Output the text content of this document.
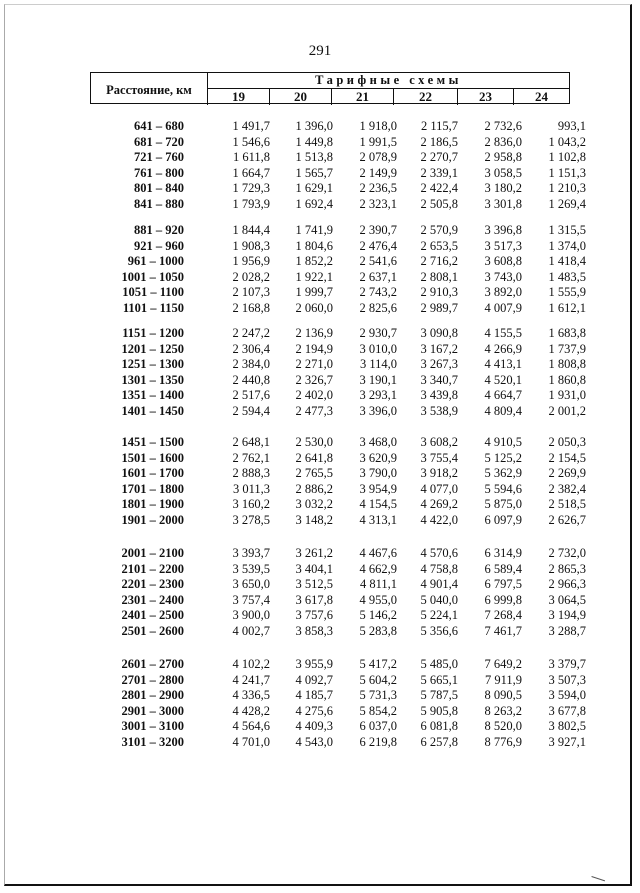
291
Расстояние, км
Тарифные схемы
19	20	21	22	23	24
641 – 680	1 491,7 1 396,0 1 918,0 2 115,7 2 732,6	993,1
681 – 720	1 546,6 1 449,8 1 991,5 2 186,5 2 836,0 1 043,2
721 – 760	1 611,8 1 513,8 2 078,9 2 270,7 2 958,8 1 102,8
761 – 800	1 664,7 1 565,7 2 149,9 2 339,1 3 058,5 1 151,3
801 – 840	1 729,3 1 629,1 2 236,5 2 422,4 3 180,2 1 210,3
841 – 880	1 793,9 1 692,4 2 323,1 2 505,8 3 301,8 1 269,4
881 – 920	1 844,4 1 741,9 2 390,7 2 570,9 3 396,8 1 315,5
921 – 960	1 908,3 1 804,6 2 476,4 2 653,5 3 517,3 1 374,0
961 – 1000	1 956,9 1 852,2 2 541,6 2 716,2 3 608,8 1 418,4
1001 – 1050	2 028,2 1 922,1 2 637,1 2 808,1 3 743,0 1 483,5
1051 – 1100	2 107,3 1 999,7 2 743,2 2 910,3 3 892,0 1 555,9
1101 – 1150	2 168,8 2 060,0 2 825,6 2 989,7 4 007,9 1 612,1
1151 – 1200	2 247,2 2 136,9 2 930,7 3 090,8 4 155,5 1 683,8
1201 – 1250	2 306,4 2 194,9 3 010,0 3 167,2 4 266,9 1 737,9
1251 – 1300	2 384,0 2 271,0 3 114,0 3 267,3 4 413,1 1 808,8
1301 – 1350	2 440,8 2 326,7 3 190,1 3 340,7 4 520,1 1 860,8
1351 – 1400	2 517,6 2 402,0 3 293,1 3 439,8 4 664,7 1 931,0
1401 – 1450	2 594,4 2 477,3 3 396,0 3 538,9 4 809,4 2 001,2
1451 – 1500	2 648,1 2 530,0 3 468,0 3 608,2 4 910,5 2 050,3
1501 – 1600	2 762,1 2 641,8 3 620,9 3 755,4 5 125,2 2 154,5
1601 – 1700	2 888,3 2 765,5 3 790,0 3 918,2 5 362,9 2 269,9
1701 – 1800	3 011,3 2 886,2 3 954,9 4 077,0 5 594,6 2 382,4
1801 – 1900	3 160,2 3 032,2 4 154,5 4 269,2 5 875,0 2 518,5
1901 – 2000	3 278,5 3 148,2 4 313,1 4 422,0 6 097,9 2 626,7
2001 – 2100	3 393,7 3 261,2 4 467,6 4 570,6 6 314,9 2 732,0
2101 – 2200	3 539,5 3 404,1 4 662,9 4 758,8 6 589,4 2 865,3
2201 – 2300	3 650,0 3 512,5 4 811,1 4 901,4 6 797,5 2 966,3
2301 – 2400	3 757,4 3 617,8 4 955,0 5 040,0 6 999,8 3 064,5
2401 – 2500	3 900,0 3 757,6 5 146,2 5 224,1 7 268,4 3 194,9
2501 – 2600	4 002,7 3 858,3 5 283,8 5 356,6 7 461,7 3 288,7
2601 – 2700	4 102,2 3 955,9 5 417,2 5 485,0 7 649,2 3 379,7
2701 – 2800	4 241,7 4 092,7 5 604,2 5 665,1 7 911,9 3 507,3
2801 – 2900	4 336,5 4 185,7 5 731,3 5 787,5 8 090,5 3 594,0
2901 – 3000	4 428,2 4 275,6 5 854,2 5 905,8 8 263,2 3 677,8
3001 – 3100	4 564,6 4 409,3 6 037,0 6 081,8 8 520,0 3 802,5
3101 – 3200	4 701,0 4 543,0 6 219,8 6 257,8 8 776,9 3 927,1
